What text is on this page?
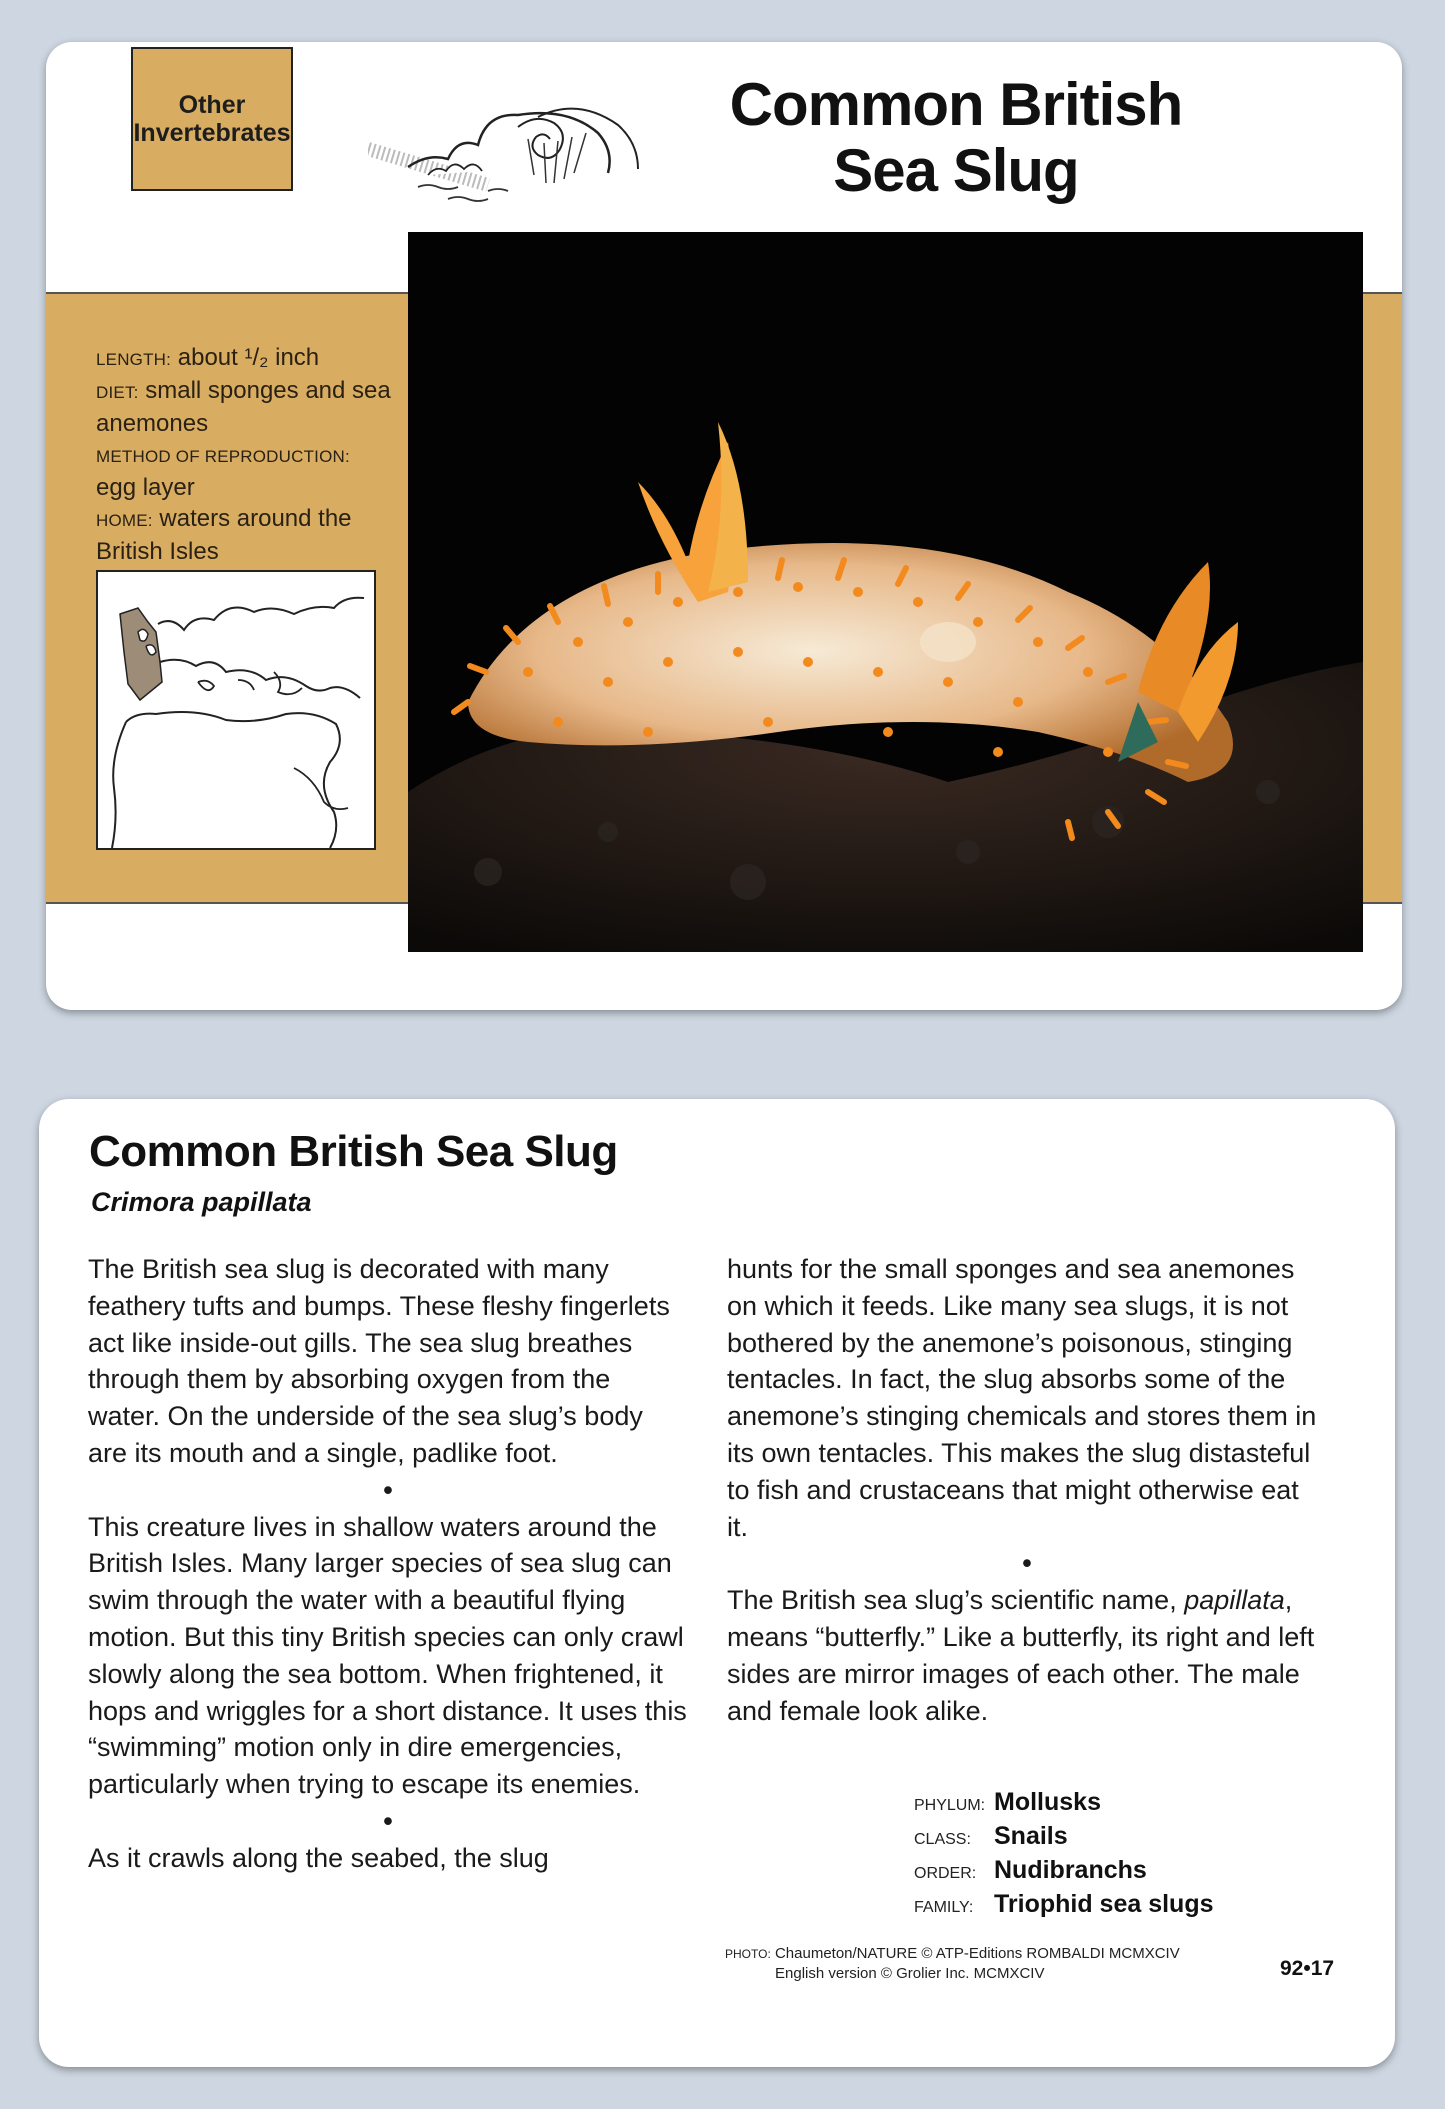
Other
Invertebrates	Common British
Sea Slug
LENGTH: about ¹/₂ inch
DIET: small sponges and sea anemones
METHOD OF REPRODUCTION: egg layer
HOME: waters around the British Isles
Common British Sea Slug
Crimora papillata

The British sea slug is decorated with many feathery tufts and bumps. These fleshy fingerlets act like inside-out gills. The sea slug breathes through them by absorbing oxygen from the water. On the underside of the sea slug’s body are its mouth and a single, padlike foot.

•

This creature lives in shallow waters around the British Isles. Many larger species of sea slug can swim through the water with a beautiful flying motion. But this tiny British species can only crawl slowly along the sea bottom. When frightened, it hops and wriggles for a short distance. It uses this “swimming” motion only in dire emergencies, particularly when trying to escape its enemies.

•

As it crawls along the seabed, the slug

hunts for the small sponges and sea anemones on which it feeds. Like many sea slugs, it is not bothered by the anemone’s poisonous, stinging tentacles. In fact, the slug absorbs some of the anemone’s stinging chemicals and stores them in its own tentacles. This makes the slug distasteful to fish and crustaceans that might otherwise eat it.

•

The British sea slug’s scientific name, papillata, means “butterfly.” Like a butterfly, its right and left sides are mirror images of each other. The male and female look alike.

PHYLUM: Mollusks
CLASS: Snails
ORDER: Nudibranchs
FAMILY: Triophid sea slugs
PHOTO: Chaumeton/NATURE © ATP-Editions ROMBALDI MCMXCIV
English version © Grolier Inc. MCMXCIV	92•17
